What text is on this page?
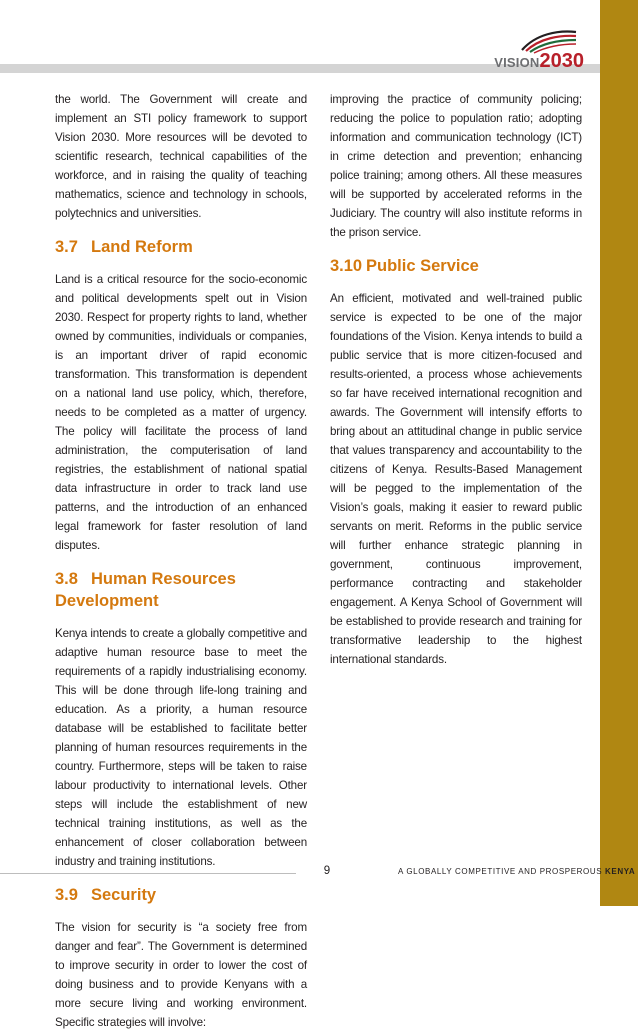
VISION2030

the world. The Government will create and implement an STI policy framework to support Vision 2030. More resources will be devoted to scientific research, technical capabilities of the workforce, and in raising the quality of teaching mathematics, science and technology in schools, polytechnics and universities.

3.7 Land Reform

Land is a critical resource for the socio-economic and political developments spelt out in Vision 2030. Respect for property rights to land, whether owned by communities, individuals or companies, is an important driver of rapid economic transformation. This transformation is dependent on a national land use policy, which, therefore, needs to be completed as a matter of urgency. The policy will facilitate the process of land administration, the computerisation of land registries, the establishment of national spatial data infrastructure in order to track land use patterns, and the introduction of an enhanced legal framework for faster resolution of land disputes.

3.8 Human Resources Development

Kenya intends to create a globally competitive and adaptive human resource base to meet the requirements of a rapidly industrialising economy. This will be done through life-long training and education. As a priority, a human resource database will be established to facilitate better planning of human resources requirements in the country. Furthermore, steps will be taken to raise labour productivity to international levels. Other steps will include the establishment of new technical training institutions, as well as the enhancement of closer collaboration between industry and training institutions.

3.9 Security

The vision for security is “a society free from danger and fear”. The Government is determined to improve security in order to lower the cost of doing business and to provide Kenyans with a more secure living and working environment. Specific strategies will involve:

improving the practice of community policing; reducing the police to population ratio; adopting information and communication technology (ICT) in crime detection and prevention; enhancing police training; among others. All these measures will be supported by accelerated reforms in the Judiciary. The country will also institute reforms in the prison service.

3.10 Public Service

An efficient, motivated and well-trained public service is expected to be one of the major foundations of the Vision. Kenya intends to build a public service that is more citizen-focused and results-oriented, a process whose achievements so far have received international recognition and awards. The Government will intensify efforts to bring about an attitudinal change in public service that values transparency and accountability to the citizens of Kenya. Results-Based Management will be pegged to the implementation of the Vision’s goals, making it easier to reward public servants on merit. Reforms in the public service will further enhance strategic planning in government, continuous improvement, performance contracting and stakeholder engagement. A Kenya School of Government will be established to provide research and training for transformative leadership to the highest international standards.

9	A GLOBALLY COMPETITIVE AND PROSPEROUS KENYA
